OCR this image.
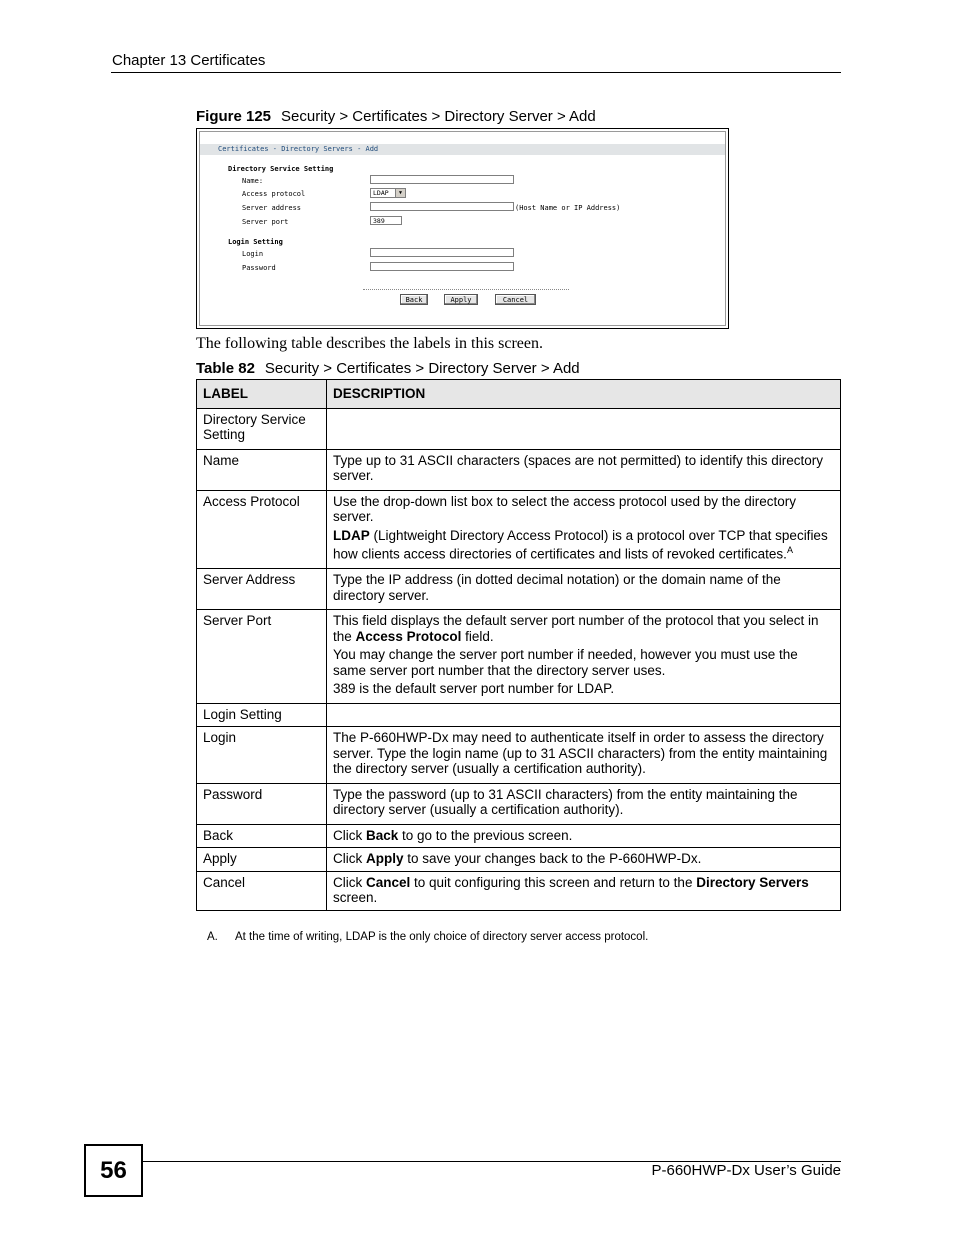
Chapter 13 Certificates
Figure 125 Security > Certificates > Directory Server > Add
Certificates - Directory Servers - Add
Directory Service Setting
Name:
Access protocol	LDAP	▼
Server address	(Host Name or IP Address)
Server port	389
Login Setting
Login
Password
Back	Apply	Cancel
The following table describes the labels in this screen.
Table 82 Security > Certificates > Directory Server > Add
LABEL	DESCRIPTION
Directory Service Setting	
Name	Type up to 31 ASCII characters (spaces are not permitted) to identify this directory server.

Access Protocol	Use the drop-down list box to select the access protocol used by the directory server.

LDAP (Lightweight Directory Access Protocol) is a protocol over TCP that specifies how clients access directories of certificates and lists of revoked certificates.$^A$

Server Address	Type the IP address (in dotted decimal notation) or the domain name of the directory server.

Server Port	This field displays the default server port number of the protocol that you select in the Access Protocol field.

You may change the server port number if needed, however you must use the same server port number that the directory server uses.

389 is the default server port number for LDAP.

Login Setting	
Login	The P-660HWP-Dx may need to authenticate itself in order to assess the directory server. Type the login name (up to 31 ASCII characters) from the entity maintaining the directory server (usually a certification authority).

Password	Type the password (up to 31 ASCII characters) from the entity maintaining the directory server (usually a certification authority).

Back	Click Back to go to the previous screen.
Apply	Click Apply to save your changes back to the P-660HWP-Dx.
Cancel	Click Cancel to quit configuring this screen and return to the Directory Servers screen.
A. At the time of writing, LDAP is the only choice of directory server access protocol.
56	P-660HWP-Dx User’s Guide
